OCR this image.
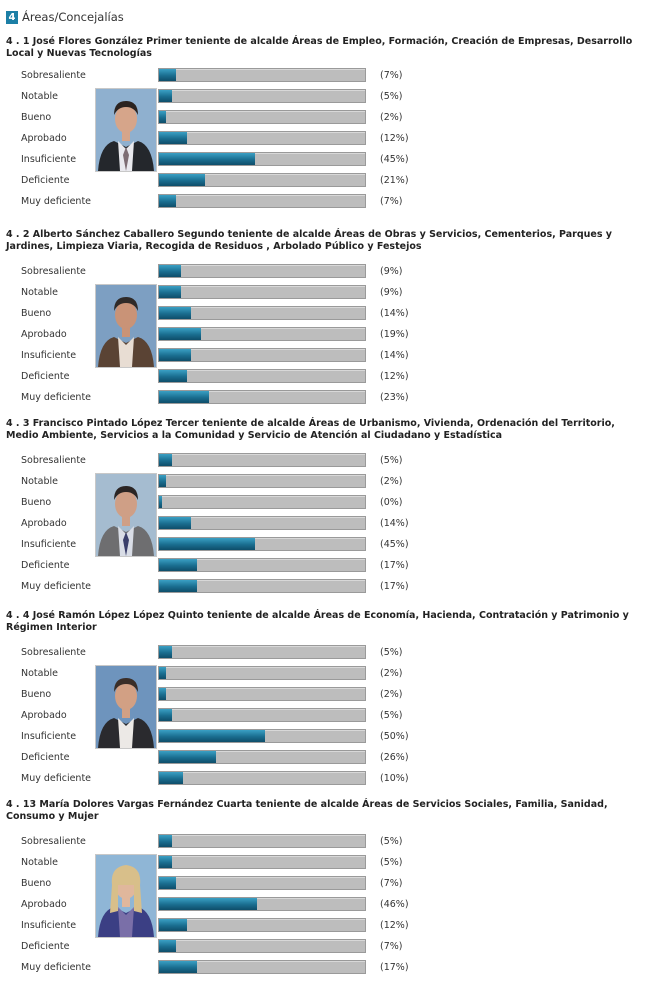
4 Áreas/Concejalías
4 . 1 José Flores González Primer teniente de alcalde Áreas de Empleo, Formación, Creación de Empresas, Desarrollo Local y Nuevas Tecnologías
Sobresaliente	(7%)
Notable	(5%)
Bueno	(2%)
Aprobado	(12%)
Insuficiente	(45%)
Deficiente	(21%)
Muy deficiente	(7%)
4 . 2 Alberto Sánchez Caballero Segundo teniente de alcalde Áreas de Obras y Servicios, Cementerios, Parques y Jardines, Limpieza Viaria, Recogida de Residuos , Arbolado Público y Festejos
Sobresaliente	(9%)
Notable	(9%)
Bueno	(14%)
Aprobado	(19%)
Insuficiente	(14%)
Deficiente	(12%)
Muy deficiente	(23%)
4 . 3 Francisco Pintado López Tercer teniente de alcalde Áreas de Urbanismo, Vivienda, Ordenación del Territorio, Medio Ambiente, Servicios a la Comunidad y Servicio de Atención al Ciudadano y Estadística
Sobresaliente	(5%)
Notable	(2%)
Bueno	(0%)
Aprobado	(14%)
Insuficiente	(45%)
Deficiente	(17%)
Muy deficiente	(17%)
4 . 4 José Ramón López López Quinto teniente de alcalde Áreas de Economía, Hacienda, Contratación y Patrimonio y Régimen Interior
Sobresaliente	(5%)
Notable	(2%)
Bueno	(2%)
Aprobado	(5%)
Insuficiente	(50%)
Deficiente	(26%)
Muy deficiente	(10%)
4 . 13 María Dolores Vargas Fernández Cuarta teniente de alcalde Áreas de Servicios Sociales, Familia, Sanidad, Consumo y Mujer
Sobresaliente	(5%)
Notable	(5%)
Bueno	(7%)
Aprobado	(46%)
Insuficiente	(12%)
Deficiente	(7%)
Muy deficiente	(17%)
